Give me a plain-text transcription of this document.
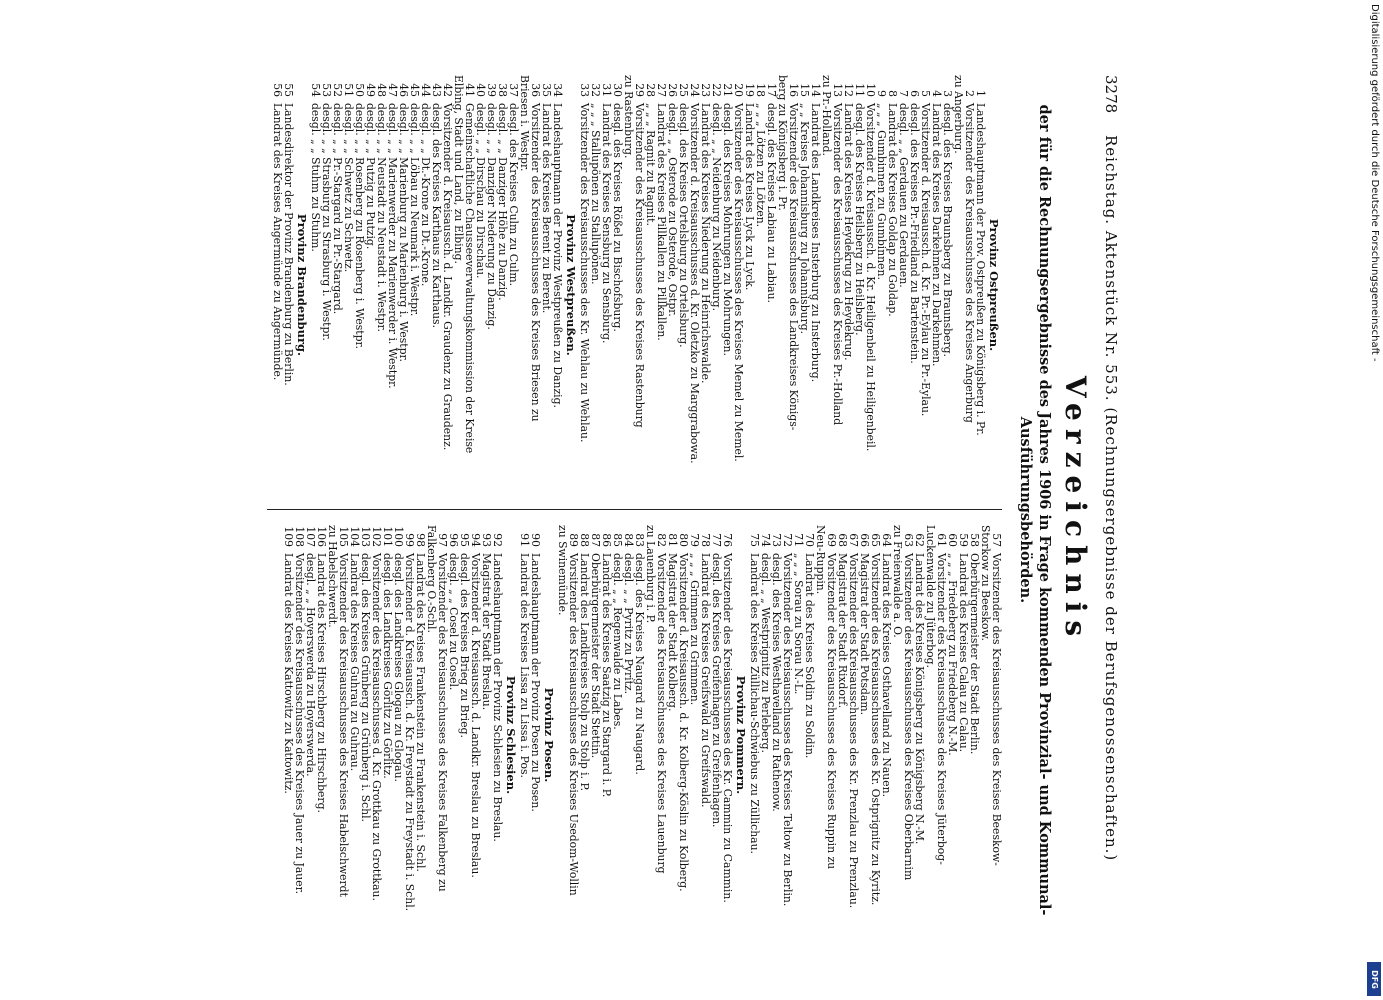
3278
Reichstag. Aktenstück Nr. 553. (Rechnungsergebnisse der Berufsgenossenschaften.)
Verzeichnis
der für die Rechnungsergebnisse des Jahres 1906 in Frage kommenden Provinzial- und Kommunal-
Ausführungsbehörden.
Provinz Ostpreußen.
1Landeshauptmann der Prov. Ostpreußen zu Königsberg i. Pr.
2Vorsitzender des Kreisausschusses des Kreises Angerburg
zu Angerburg.
3desgl. des Kreises Braunsberg zu Braunsberg.
4Landrat des Kreises Darkehmen zu Darkehmen.
5Vorsitzender d. Kreisaussch. d. Kr. Pr.-Eylau zu Pr.-Eylau.
6desgl. des Kreises Pr.-Friedland zu Bartenstein.
7desgl. „ „ Gerdauen zu Gerdauen.
8Landrat des Kreises Goldap zu Goldap.
9„ „ „ Gumbinnen zu Gumbinnen.
10Vorsitzender d. Kreisaussch. d. Kr. Heiligenbeil zu Heiligenbeil.
11desgl. des Kreises Heilsberg zu Heilsberg.
12Landrat des Kreises Heydekrug zu Heydekrug.
13Vorsitzender des Kreisausschusses des Kreises Pr.-Holland
zu Pr.-Holland.
14Landrat des Landkreises Insterburg zu Insterburg.
15„ „ Kreises Johannisburg zu Johannisburg.
16Vorsitzender des Kreisausschusses des Landkreises Königs-
berg zu Königsberg i. Pr.
17desgl. des Kreises Labiau zu Labiau.
18„ „ „ Lötzen zu Lötzen.
19Landrat des Kreises Lyck zu Lyck.
20Vorsitzender des Kreisausschusses des Kreises Memel zu Memel.
21desgl. des Kreises Mohrungen zu Mohrungen.
22desgl. „ „ Neidenburg zu Neidenburg.
23Landrat des Kreises Niederung zu Heinrichswalde.
24Vorsitzender d. Kreisausschusses d. Kr. Oletzko zu Marggrabowa.
25desgl. des Kreises Ortelsburg zu Ortelsburg.
26desgl. „ „ Osterode zu Osterode, Ostpr.
27Landrat des Kreises Pillkallen zu Pillkallen.
28„ „ „ Ragnit zu Ragnit.
29Vorsitzender des Kreisausschusses des Kreises Rastenburg
zu Rastenburg.
30desgl. des Kreises Rößel zu Bischofsburg.
31Landrat des Kreises Sensburg zu Sensburg.
32„ „ „ Stallupönen zu Stallupönen.
33Vorsitzender des Kreisausschusses des Kr. Wehlau zu Wehlau.
Provinz Westpreußen.
34Landeshauptmann der Provinz Westpreußen zu Danzig.
35Landrat des Kreises Berent zu Berent.
36Vorsitzender des Kreisausschusses des Kreises Briesen zu
Briesen i. Westpr.
37desgl. des Kreises Culm zu Culm.
38desgl. „ „ Danziger Höhe zu Danzig.
39desgl. „ „ Danziger Niederung zu Danzig.
40desgl. „ „ Dirschau zu Dirschau.
41Gemeinschaftliche Chausseeverwaltungskommission der Kreise
Elbing, Stadt und Land, zu Elbing.
42Vorsitzender d. Kreisaussch. d. Landkr. Graudenz zu Graudenz.
43desgl. des Kreises Karthaus zu Karthaus.
44desgl. „ „ Dt.-Krone zu Dt.-Krone.
45desgl. „ „ Löbau zu Neumark i. Westpr.
46desgl. „ „ Marienburg zu Marienburg i. Westpr.
47desgl. „ „ Marienwerder zu Marienwerder i. Westpr.
48desgl. „ „ Neustadt zu Neustadt i. Westpr.
49desgl. „ „ Putzig zu Putzig.
50desgl. „ „ Rosenberg zu Rosenberg i. Westpr.
51desgl. „ „ Schwetz zu Schwetz.
52desgl. „ „ Pr.-Stargard zu Pr.-Stargard.
53desgl. „ „ Strasburg zu Strasburg i. Westpr.
54desgl. „ „ Stuhm zu Stuhm.
Provinz Brandenburg.
55Landesdirektor der Provinz Brandenburg zu Berlin.
56Landrat des Kreises Angermünde zu Angermünde.
57Vorsitzender des Kreisausschusses des Kreises Beeskow-
Storkow zu Beeskow.
58Oberbürgermeister der Stadt Berlin.
59Landrat des Kreises Calau zu Calau.
60„ „ „ Friedeberg zu Friedeberg N.-M.
61Vorsitzender des Kreisausschusses des Kreises Jüterbog-
Luckenwalde zu Jüterbog.
62Landrat des Kreises Königsberg zu Königsberg N.-M.
63Vorsitzender des Kreisausschusses des Kreises Oberbarnim
zu Freienwalde a. O.
64Landrat des Kreises Osthavelland zu Nauen.
65Vorsitzender des Kreisausschusses des Kr. Ostprignitz zu Kyritz.
66Magistrat der Stadt Potsdam.
67Vorsitzender des Kreisausschusses des Kr. Prenzlau zu Prenzlau.
68Magistrat der Stadt Rixdorf.
69Vorsitzender des Kreisausschusses des Kreises Ruppin zu
Neu-Ruppin.
70Landrat des Kreises Soldin zu Soldin.
71„ „ „ Sorau zu Sorau N.-L.
72Vorsitzender des Kreisausschusses des Kreises Teltow zu Berlin.
73desgl. des Kreises Westhavelland zu Rathenow.
74desgl. „ „ Westprignitz zu Perleberg.
75Landrat des Kreises Züllichau-Schwiebus zu Züllichau.
Provinz Pommern.
76Vorsitzender des Kreisausschusses des Kr. Cammin zu Cammin.
77desgl. des Kreises Greifenhagen zu Greifenhagen.
78Landrat des Kreises Greifswald zu Greifswald.
79„ „ „ Grimmen zu Grimmen.
80Vorsitzender d. Kreisaussch. d. Kr. Kolberg-Köslin zu Kolberg.
81Magistrat der Stadt Kolberg.
82Vorsitzender des Kreisausschusses des Kreises Lauenburg
zu Lauenburg i. P.
83desgl. des Kreises Naugard zu Naugard.
84desgl. „ „ Pyritz zu Pyritz.
85desgl. „ „ Regenwalde zu Labes.
86Landrat des Kreises Saatzig zu Stargard i. P.
87Oberbürgermeister der Stadt Stettin.
88Landrat des Landkreises Stolp zu Stolp i. P.
89Vorsitzender des Kreisausschusses des Kreises Usedom-Wollin
zu Swinemünde.
Provinz Posen.
90Landeshauptmann der Provinz Posen zu Posen.
91Landrat des Kreises Lissa zu Lissa i. Pos.
Provinz Schlesien.
92Landeshauptmann der Provinz Schlesien zu Breslau.
93Magistrat der Stadt Breslau.
94Vorsitzender d. Kreisaussch. d. Landkr. Breslau zu Breslau.
95desgl. des Kreises Brieg zu Brieg.
96desgl. „ „ Cosel zu Cosel.
97Vorsitzender des Kreisausschusses des Kreises Falkenberg zu
Falkenberg O.-Schl.
98Landrat des Kreises Frankenstein zu Frankenstein i. Schl.
99Vorsitzender d. Kreisaussch. d. Kr. Freystadt zu Freystadt i. Schl.
100desgl. des Landkreises Glogau zu Glogau.
101desgl. des Landkreises Görlitz zu Görlitz.
102Vorsitzender des Kreisausschusses d. Kr. Grottkau zu Grottkau.
103desgl. des Kreises Grünberg zu Grünberg i. Schl.
104Landrat des Kreises Guhrau zu Guhrau.
105Vorsitzender des Kreisausschusses des Kreises Habelschwerdt
zu Habelschwerdt.
106Landrat des Kreises Hirschberg zu Hirschberg.
107desgl. „ „ Hoyerswerda zu Hoyerswerda.
108Vorsitzender des Kreisausschusses des Kreises Jauer zu Jauer.
109Landrat des Kreises Kattowitz zu Kattowitz.
Digitalisierung gefördert durch die Deutsche Forschungsgemeinschaft -
DFG
